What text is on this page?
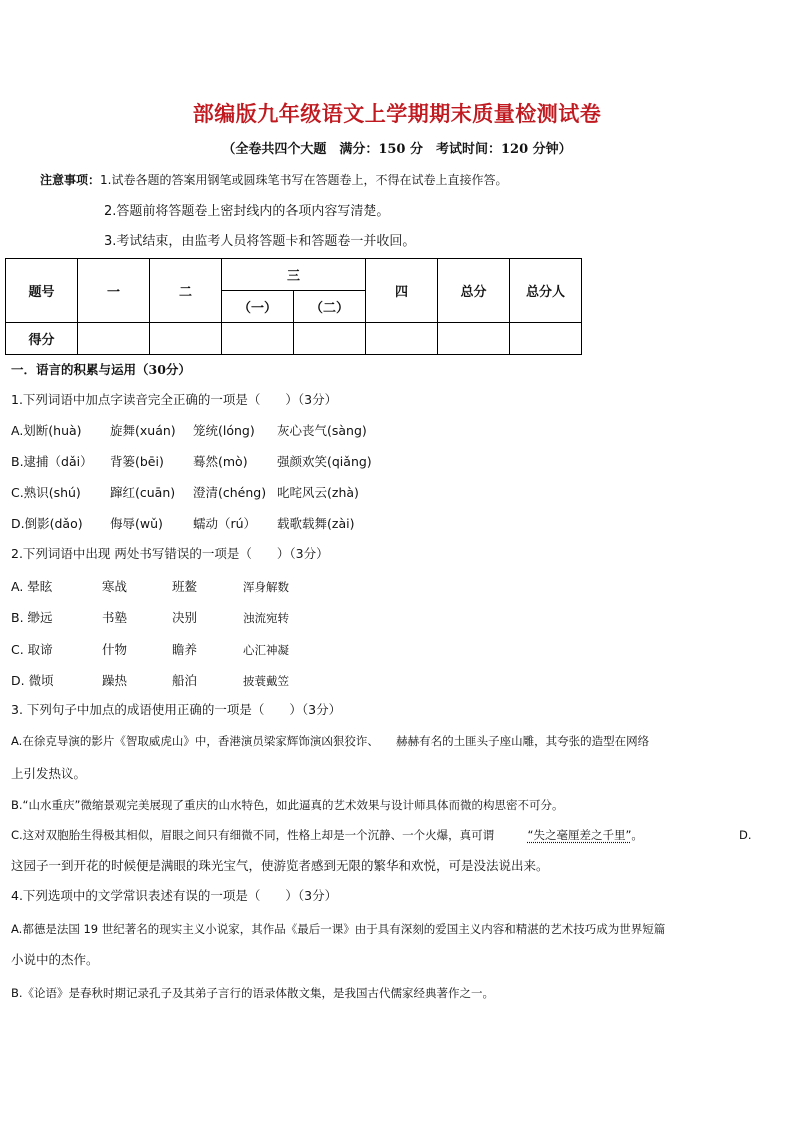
部编版九年级语文上学期期末质量检测试卷
（全卷共四个大题　满分：150 分　考试时间：120 分钟）
注意事项：1.试卷各题的答案用钢笔或圆珠笔书写在答题卷上，不得在试卷上直接作答。
2.答题前将答题卷上密封线内的各项内容写清楚。
3.考试结束，由监考人员将答题卡和答题卷一并收回。
题号	一	二	三		四	总分	总分人
			（一）	（二）			
得分							
一．语言的积累与运用（30分）
1.下列词语中加点字读音完全正确的一项是（　　）（3分）
A.划断(huà) 旋舞(xuán) 笼统(lóng) 灰心丧气(sàng)
B.逮捕（dǎi） 背篓(bēi) 蓦然(mò) 强颜欢笑(qiǎng)
C.熟识(shú) 蹿红(cuān) 澄清(chéng) 叱咤风云(zhà)
D.倒影(dǎo) 侮辱(wǔ) 蠕动（rú） 载歌载舞(zài)
2.下列词语中出现 两处书写错误的一项是（　　）（3分）
A. 晕眩	寒战	班鳌	浑身解数
B. 缈远	书塾	决别	浊流宛转
C. 取谛	什物	瞻养	心汇神凝
D. 微顷	躁热	船泊	披蓑戴笠
3. 下列句子中加点的成语使用正确的一项是（　　）（3分）
A.在徐克导演的影片《智取威虎山》中，香港演员梁家辉饰演凶狠狡诈、 赫赫有名的土匪头子座山雕，其夸张的造型在网络
上引发热议。
B.“山水重庆”微缩景观完美展现了重庆的山水特色，如此逼真的艺术效果与设计师具体而微的构思密不可分。
C.这对双胞胎生得极其相似，眉眼之间只有细微不同，性格上却是一个沉静、一个火爆，真可谓	“失之毫厘差之千里”。	D.
这园子一到开花的时候便是满眼的珠光宝气，使游览者感到无限的繁华和欢悦，可是没法说出来。
4.下列选项中的文学常识表述有误的一项是（　　）（3分）
A.都德是法国 19 世纪著名的现实主义小说家，其作品《最后一课》由于具有深刻的爱国主义内容和精湛的艺术技巧成为世界短篇
小说中的杰作。
B.《论语》是春秋时期记录孔子及其弟子言行的语录体散文集，是我国古代儒家经典著作之一。
